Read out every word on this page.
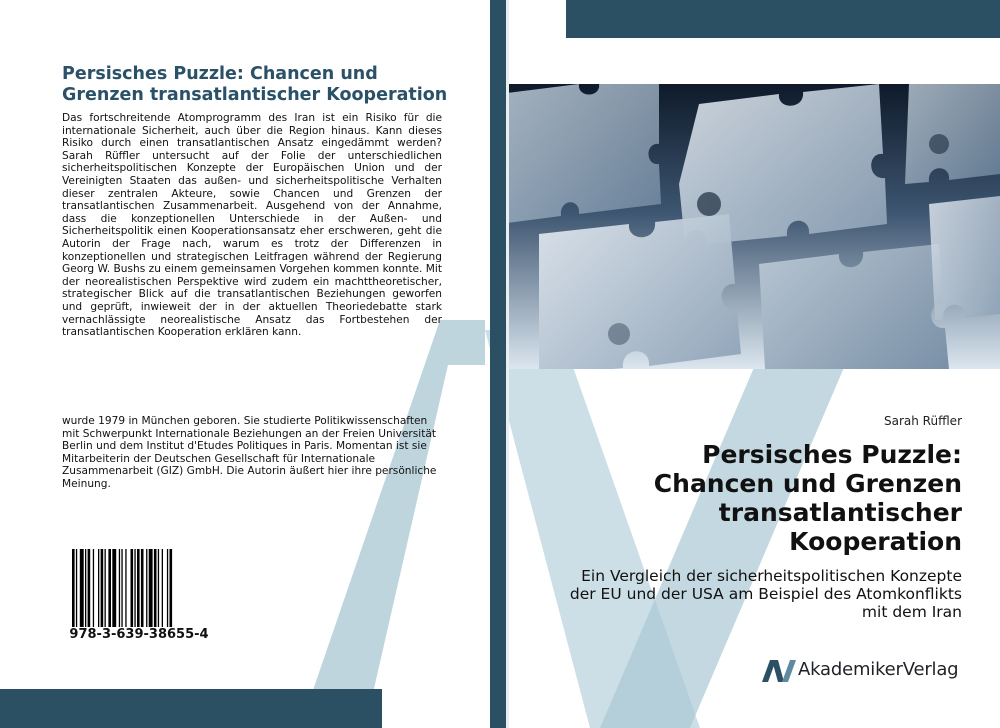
Persisches Puzzle: Chancen und Grenzen transatlantischer Kooperation

Das fortschreitende Atomprogramm des Iran ist ein Risiko für die internationale Sicherheit, auch über die Region hinaus. Kann dieses Risiko durch einen transatlantischen Ansatz eingedämmt werden? Sarah Rüffler untersucht auf der Folie der unterschiedlichen sicherheitspolitischen Konzepte der Europäischen Union und der Vereinigten Staaten das außen- und sicherheitspolitische Verhalten dieser zentralen Akteure, sowie Chancen und Grenzen der transatlantischen Zusammenarbeit. Ausgehend von der Annahme, dass die konzeptionellen Unterschiede in der Außen- und Sicherheitspolitik einen Kooperationsansatz eher erschweren, geht die Autorin der Frage nach, warum es trotz der Differenzen in konzeptionellen und strategischen Leitfragen während der Regierung Georg W. Bushs zu einem gemeinsamen Vorgehen kommen konnte. Mit der neorealistischen Perspektive wird zudem ein machttheoretischer, strategischer Blick auf die transatlantischen Beziehungen geworfen und geprüft, inwieweit der in der aktuellen Theoriedebatte stark vernachlässigte neorealistische Ansatz das Fortbestehen der transatlantischen Kooperation erklären kann.

wurde 1979 in München geboren. Sie studierte Politikwissenschaften mit Schwerpunkt Internationale Beziehungen an der Freien Universität Berlin und dem Institut d'Etudes Politiques in Paris. Momentan ist sie Mitarbeiterin der Deutschen Gesellschaft für Internationale Zusammenarbeit (GIZ) GmbH. Die Autorin äußert hier ihre persönliche Meinung.

978-3-639-38655-4

Sarah Rüffler

Persisches Puzzle:
Chancen und Grenzen
transatlantischer
Kooperation

Ein Vergleich der sicherheitspolitischen Konzepte
der EU und der USA am Beispiel des Atomkonflikts
mit dem Iran

AkademikerVerlag
